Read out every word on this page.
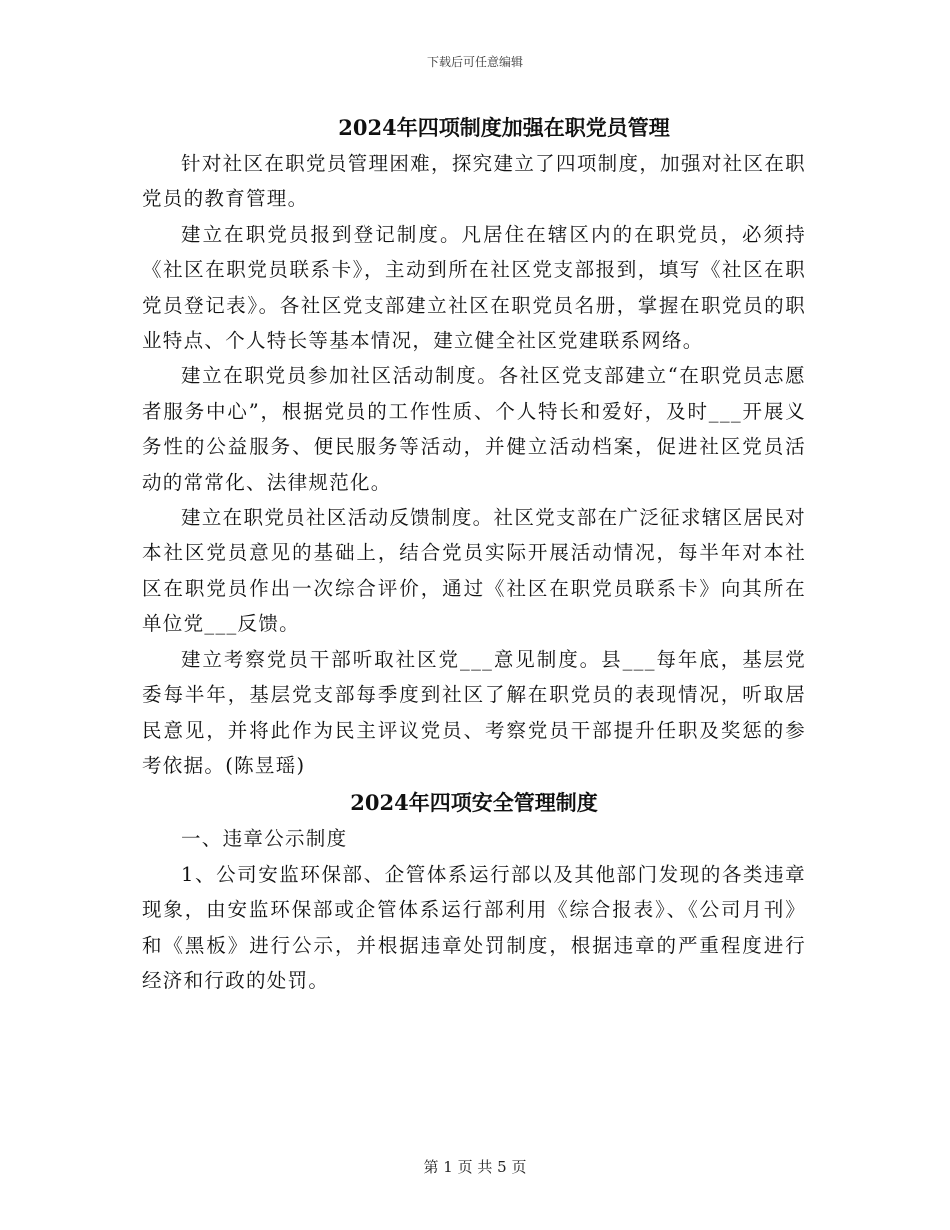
下载后可任意编辑
2024年四项制度加强在职党员管理

针对社区在职党员管理困难，探究建立了四项制度，加强对社区在职党员的教育管理。

建立在职党员报到登记制度。凡居住在辖区内的在职党员，必须持《社区在职党员联系卡》，主动到所在社区党支部报到，填写《社区在职党员登记表》。各社区党支部建立社区在职党员名册，掌握在职党员的职业特点、个人特长等基本情况，建立健全社区党建联系网络。

建立在职党员参加社区活动制度。各社区党支部建立“在职党员志愿者服务中心”，根据党员的工作性质、个人特长和爱好，及时___开展义务性的公益服务、便民服务等活动，并健立活动档案，促进社区党员活动的常常化、法律规范化。

建立在职党员社区活动反馈制度。社区党支部在广泛征求辖区居民对本社区党员意见的基础上，结合党员实际开展活动情况，每半年对本社区在职党员作出一次综合评价，通过《社区在职党员联系卡》向其所在单位党___反馈。

建立考察党员干部听取社区党___意见制度。县___每年底，基层党委每半年，基层党支部每季度到社区了解在职党员的表现情况，听取居民意见，并将此作为民主评议党员、考察党员干部提升任职及奖惩的参考依据。(陈昱瑶)

2024年四项安全管理制度

一、违章公示制度

1、公司安监环保部、企管体系运行部以及其他部门发现的各类违章现象，由安监环保部或企管体系运行部利用《综合报表》、《公司月刊》和《黑板》进行公示，并根据违章处罚制度，根据违章的严重程度进行经济和行政的处罚。

第 1 页 共 5 页
